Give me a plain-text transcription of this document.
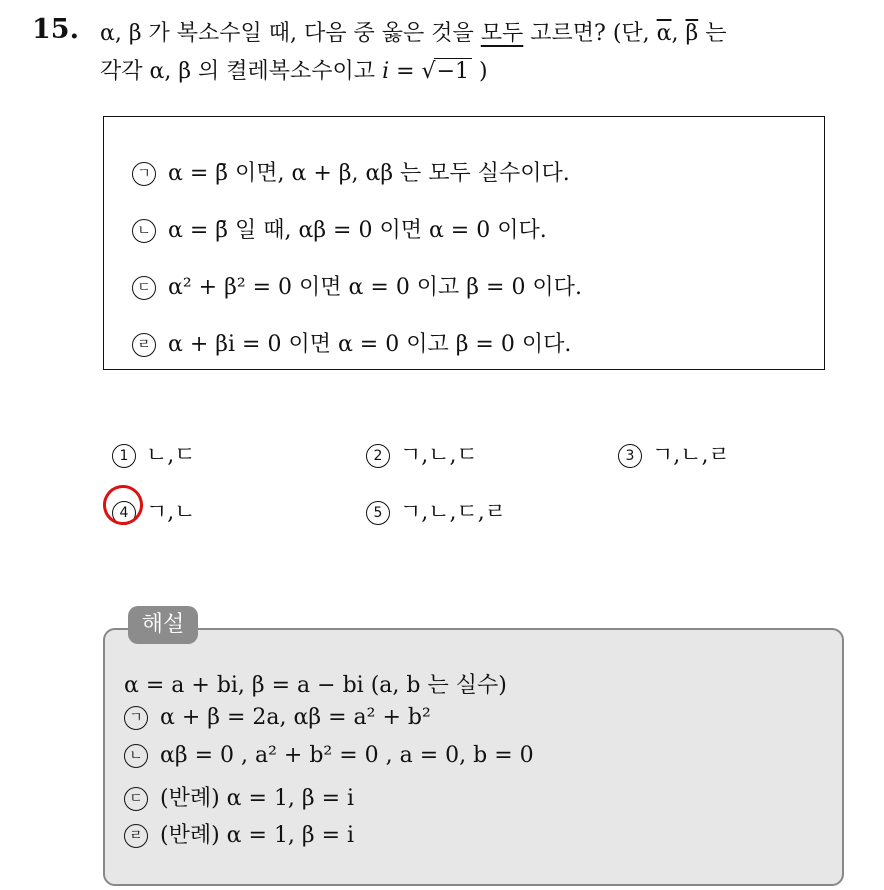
15. α, β 가 복소수일 때, 다음 중 옳은 것을 모두 고르면? (단, $\overline{\alpha}$, $\overline{\beta}$ 는
각각 α, β 의 켤레복소수이고 i = √−1 )
ㄱ α = β̄ 이면, α + β, αβ 는 모두 실수이다.
ㄴ α = β̄ 일 때, αβ = 0 이면 α = 0 이다.
ㄷ α² + β² = 0 이면 α = 0 이고 β = 0 이다.
ㄹ α + βi = 0 이면 α = 0 이고 β = 0 이다.
1 ㄴ,ㄷ	2 ㄱ,ㄴ,ㄷ	3 ㄱ,ㄴ,ㄹ
4 ㄱ,ㄴ	5 ㄱ,ㄴ,ㄷ,ㄹ
해설
α = a + bi, β = a − bi (a, b 는 실수)
ㄱ α + β = 2a, αβ = a² + b²
ㄴ αβ = 0 , a² + b² = 0 , a = 0, b = 0
ㄷ (반례) α = 1, β = i
ㄹ (반례) α = 1, β = i
